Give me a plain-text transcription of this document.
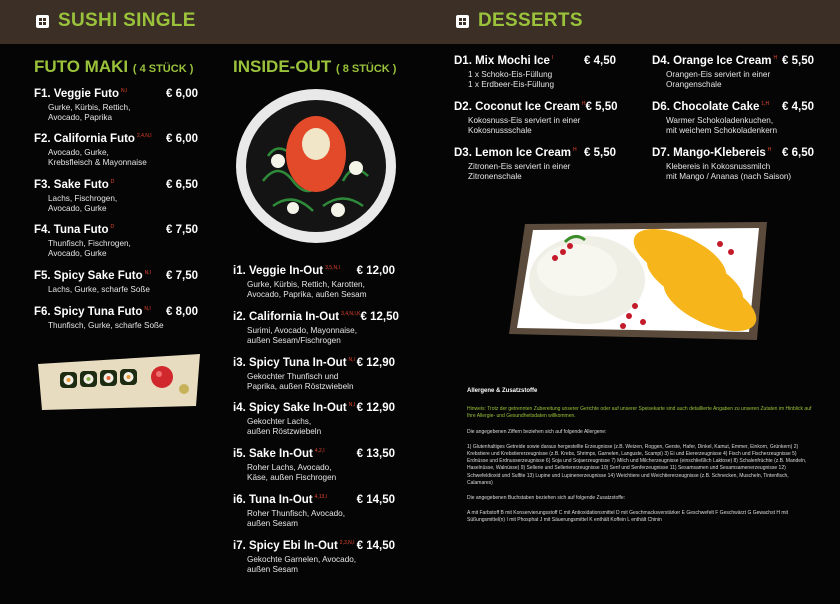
SUSHI SINGLE	DESSERTS
FUTO MAKI ( 4 STÜCK ) INSIDE-OUT ( 8 STÜCK )
F1. Veggie Futo $^{N,I}$	€ 6,00
Gurke, Kürbis, Rettich,
Avocado, Paprika
F2. California Futo $^{2,4,N,I}$ € 6,00
Avocado, Gurke,
Krebsfleisch & Mayonnaise
F3. Sake Futo $^D$	€ 6,50
Lachs, Fischrogen,
Avocado, Gurke
F4. Tuna Futo $^D$	€ 7,50
Thunfisch, Fischrogen,
Avocado, Gurke
F5. Spicy Sake Futo $^{N,I}$ € 7,50
Lachs, Gurke, scharfe Soße
F6. Spicy Tuna Futo $^{N,I}$ € 8,00
Thunfisch, Gurke, scharfe Soße
i1. Veggie In-Out $^{3,5,N,I}$ € 12,00
Gurke, Kürbis, Rettich, Karotten,
Avocado, Paprika, außen Sesam
i2. California In-Out $^{3,4,N,I,K}$ € 12,50
Surimi, Avocado, Mayonnaise,
außen Sesam/Fischrogen
i3. Spicy Tuna In-Out $^{N,I}$ € 12,90
Gekochter Thunfisch und
Paprika, außen Röstzwiebeln
i4. Spicy Sake In-Out $^{N,I}$ € 12,90
Gekochter Lachs,
außen Röstzwiebeln
i5. Sake In-Out $^{4,2,I}$	€ 13,50
Roher Lachs, Avocado,
Käse, außen Fischrogen
i6. Tuna In-Out $^{4,13,I}$	€ 14,50
Roher Thunfisch, Avocado,
außen Sesam
i7. Spicy Ebi In-Out $^{2,3,N,I}$ € 14,50
Gekochte Garnelen, Avocado,
außen Sesam
D1. Mix Mochi Ice $^I$	€ 4,50
1 x Schoko-Eis-Füllung
1 x Erdbeer-Eis-Füllung
D2. Coconut Ice Cream $^H$ € 5,50
Kokosnuss-Eis serviert in einer
Kokosnussschale
D3. Lemon Ice Cream $^H$ € 5,50
Zitronen-Eis serviert in einer
Zitronenschale
D4. Orange Ice Cream $^H$ € 5,50
Orangen-Eis serviert in einer
Orangenschale
D6. Chocolate Cake $^{1,H}$ € 4,50
Warmer Schokoladenkuchen,
mit weichem Schokoladenkern
D7. Mango-Klebereis $^H$ € 6,50
Klebereis in Kokosnussmilch
mit Mango / Ananas (nach Saison)
Allergene & Zusatzstoffe
Hinweis: Trotz der getrennten Zubereitung unserer Gerichte oder auf unserer Speisekarte sind auch detaillierte Angaben zu unseren Zutaten im Hinblick auf Ihre Allergie- und Gesundheitsdaten willkommen.

Die angegebenen Ziffern beziehen sich auf folgende Allergene:

1) Glutenhaltiges Getreide sowie daraus hergestellte Erzeugnisse (z.B. Weizen, Roggen, Gerste, Hafer, Dinkel, Kamut, Emmer, Einkorn, Grünkern) 2) Krebstiere und Krebstiererzeugnisse (z.B. Krebs, Shrimps, Garnelen, Languste, Scampi) 3) Ei und Eiererzeugnisse 4) Fisch und Fischerzeugnisse 5) Erdnüsse und Erdnusserzeugnisse 6) Soja und Sojaerzeugnisse 7) Milch und Milcherzeugnisse (einschließlich Laktose) 8) Schalenfrüchte (z.B. Mandeln, Haselnüsse, Walnüsse) 9) Sellerie und Selleriererzeugnisse 10) Senf und Senferzeugnisse 11) Sesamsamen und Sesamsamenerzeugnisse 12) Schwefeldioxid und Sulfite 13) Lupine und Lupinenerzeugnisse 14) Weichtiere und Weichtiererzeugnisse (z.B. Schnecken, Muscheln, Tintenfisch, Calamares)

Die angegebenen Buchstaben beziehen sich auf folgende Zusatzstoffe:

A mit Farbstoff B mit Konservierungsstoff C mit Antioxidationsmittel D mit Geschmacksverstärker E Geschwefelt F Geschwärzt G Gewachst H mit Süßungsmittel(n) I mit Phosphat J mit Säuerungsmittel K enthält Koffein L enthält Chinin
